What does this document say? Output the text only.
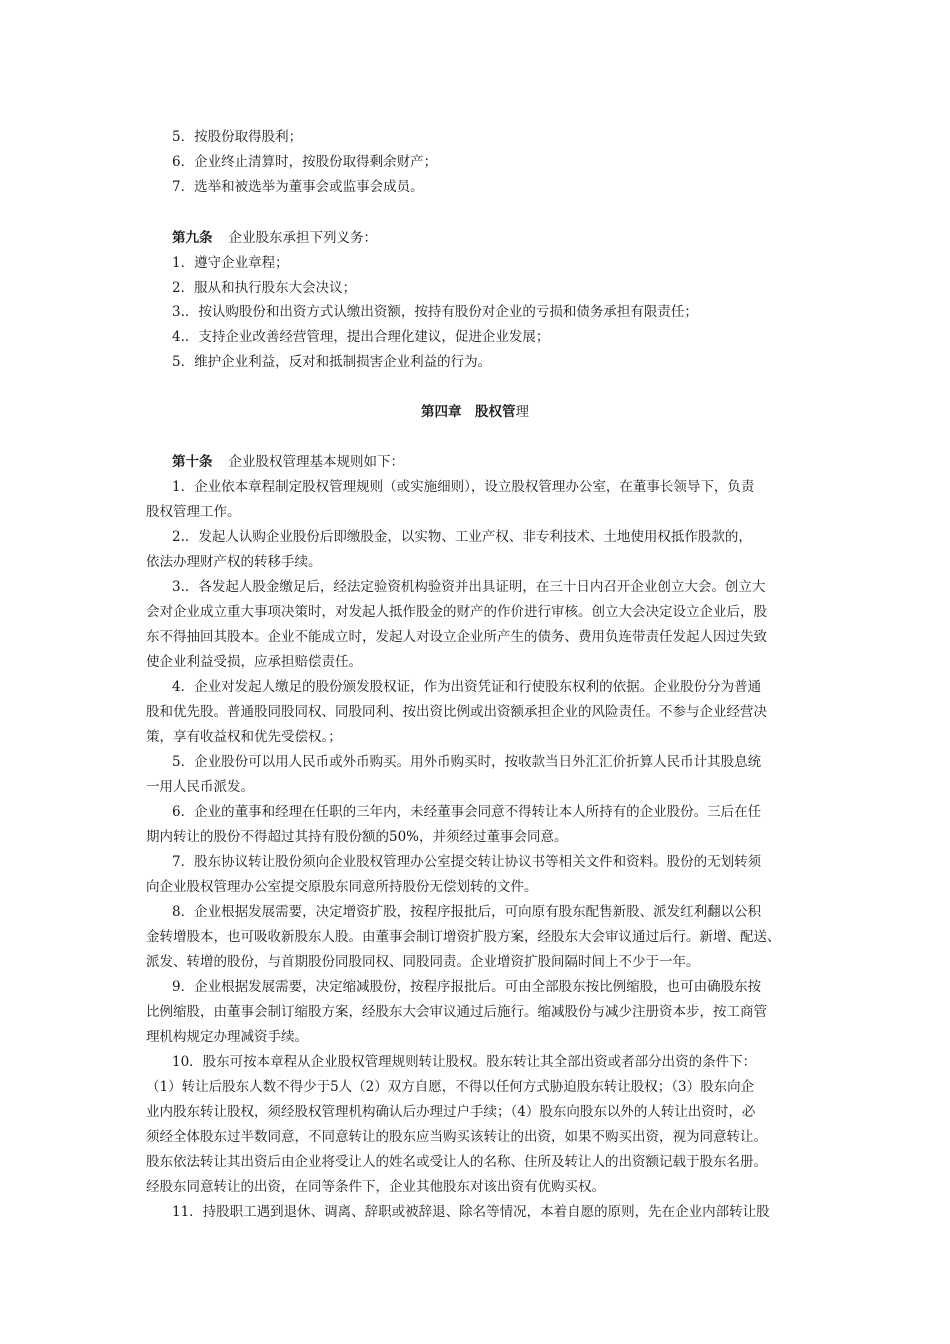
5．按股份取得股利；
6．企业终止清算时，按股份取得剩余财产；
7．选举和被选举为董事会或监事会成员。
第九条 企业股东承担下列义务：
1．遵守企业章程；
2．服从和执行股东大会决议；
3.．按认购股份和出资方式认缴出资额，按持有股份对企业的亏损和债务承担有限责任；
4.．支持企业改善经营管理，提出合理化建议，促进企业发展；
5．维护企业利益，反对和抵制损害企业利益的行为。
第四章　股权管理
第十条 企业股权管理基本规则如下：
1．企业依本章程制定股权管理规则（或实施细则），设立股权管理办公室，在董事长领导下，负责
股权管理工作。
2.．发起人认购企业股份后即缴股金，以实物、工业产权、非专利技术、土地使用权抵作股款的，
依法办理财产权的转移手续。
3.．各发起人股金缴足后，经法定验资机构验资并出具证明，在三十日内召开企业创立大会。创立大
会对企业成立重大事项决策时，对发起人抵作股金的财产的作价进行审核。创立大会决定设立企业后，股
东不得抽回其股本。企业不能成立时，发起人对设立企业所产生的债务、费用负连带责任发起人因过失致
使企业利益受损，应承担赔偿责任。
4．企业对发起人缴足的股份颁发股权证，作为出资凭证和行使股东权利的依据。企业股份分为普通
股和优先股。普通股同股同权、同股同利、按出资比例或出资额承担企业的风险责任。不参与企业经营决
策，享有收益权和优先受偿权。；
5．企业股份可以用人民币或外币购买。用外币购买时，按收款当日外汇汇价折算人民币计其股息统
一用人民币派发。
6．企业的董事和经理在任职的三年内，未经董事会同意不得转让本人所持有的企业股份。三后在任
期内转让的股份不得超过其持有股份额的50%，并须经过董事会同意。
7．股东协议转让股份须向企业股权管理办公室提交转让协议书等相关文件和资料。股份的无划转须
向企业股权管理办公室提交原股东同意所持股份无偿划转的文件。
8．企业根据发展需要，决定增资扩股，按程序报批后，可向原有股东配售新股、派发红利翻以公积
金转增股本，也可吸收新股东人股。由董事会制订增资扩股方案，经股东大会审议通过后行。新增、配送、
派发、转增的股份，与首期股份同股同权、同股同责。企业增资扩股间隔时间上不少于一年。
9．企业根据发展需要，决定缩减股份，按程序报批后。可由全部股东按比例缩股，也可由确股东按
比例缩股，由董事会制订缩股方案，经股东大会审议通过后施行。缩减股份与减少注册资本步，按工商管
理机构规定办理减资手续。
10．股东可按本章程从企业股权管理规则转让股权。股东转让其全部出资或者部分出资的条件下：
（1）转让后股东人数不得少于5人（2）双方自愿，不得以任何方式胁迫股东转让股权；（3）股东向企
业内股东转让股权，须经股权管理机构确认后办理过户手续；（4）股东向股东以外的人转让出资时，必
须经全体股东过半数同意，不同意转让的股东应当购买该转让的出资，如果不购买出资，视为同意转让。
股东依法转让其出资后由企业将受让人的姓名或受让人的名称、住所及转让人的出资额记载于股东名册。
经股东同意转让的出资，在同等条件下，企业其他股东对该出资有优购买权。
11．持股职工遇到退休、调离、辞职或被辞退、除名等情况，本着自愿的原则，先在企业内部转让股
